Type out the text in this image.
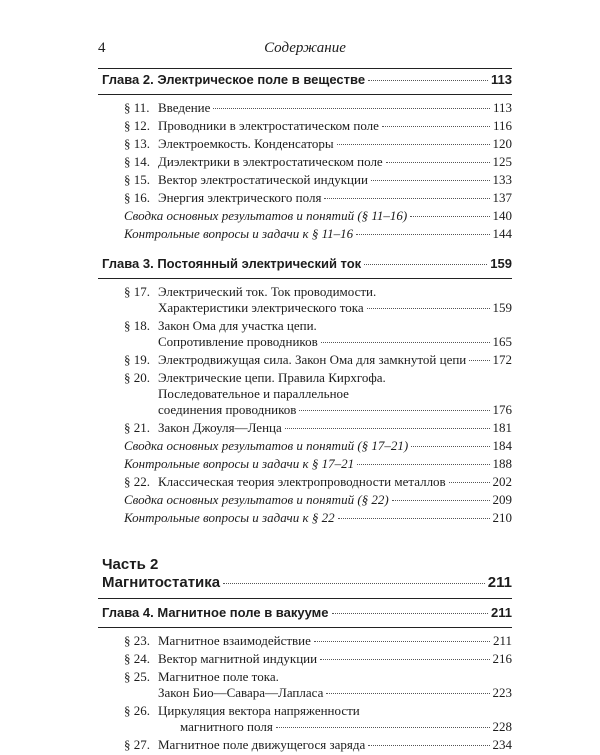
4	Содержание
Глава 2. Электрическое поле в веществе	113
§ 11. Введение	113
§ 12. Проводники в электростатическом поле	116
§ 13. Электроемкость. Конденсаторы	120
§ 14. Диэлектрики в электростатическом поле	125
§ 15. Вектор электростатической индукции	133
§ 16. Энергия электрического поля	137
Сводка основных результатов и понятий (§ 11–16)	140
Контрольные вопросы и задачи к § 11–16	144
Глава 3. Постоянный электрический ток	159
§ 17. Электрический ток. Ток проводимости.
Характеристики электрического тока	159
§ 18. Закон Ома для участка цепи.
Сопротивление проводников	165
§ 19. Электродвижущая сила. Закон Ома для замкнутой цепи 172
§ 20. Электрические цепи. Правила Кирхгофа.
Последовательное и параллельное
соединения проводников	176
§ 21. Закон Джоуля—Ленца	181
Сводка основных результатов и понятий (§ 17–21)	184
Контрольные вопросы и задачи к § 17–21	188
§ 22. Классическая теория электропроводности металлов	202
Сводка основных результатов и понятий (§ 22)	209
Контрольные вопросы и задачи к § 22	210
Часть 2
Магнитостатика	211
Глава 4. Магнитное поле в вакууме	211
§ 23. Магнитное взаимодействие	211
§ 24. Вектор магнитной индукции	216
§ 25. Магнитное поле тока.
Закон Био—Савара—Лапласа	223
§ 26. Циркуляция вектора напряженности
магнитного поля	228
§ 27. Магнитное поле движущегося заряда	234
